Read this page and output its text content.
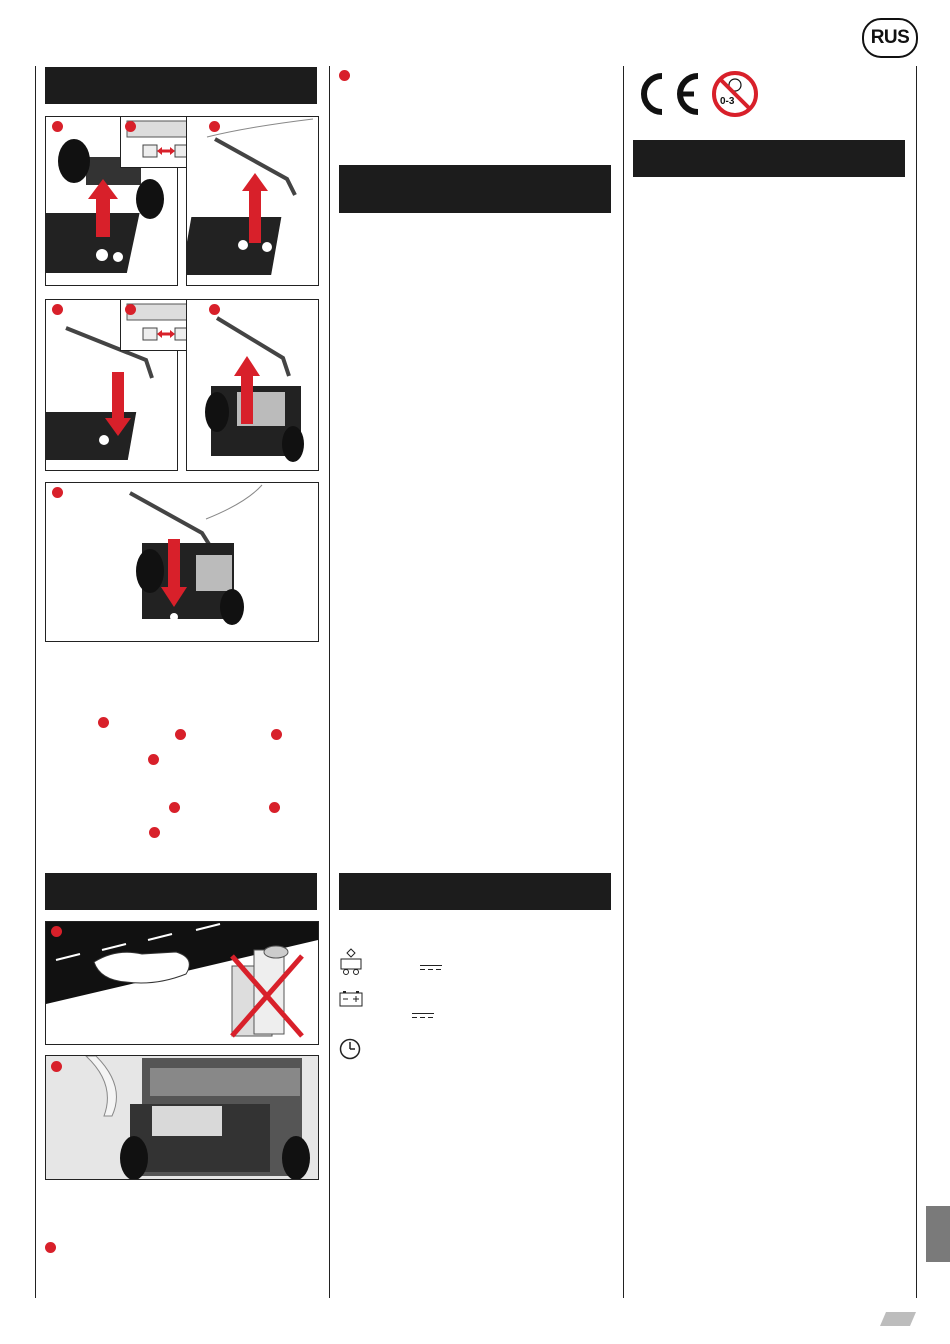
RUS
0-3
